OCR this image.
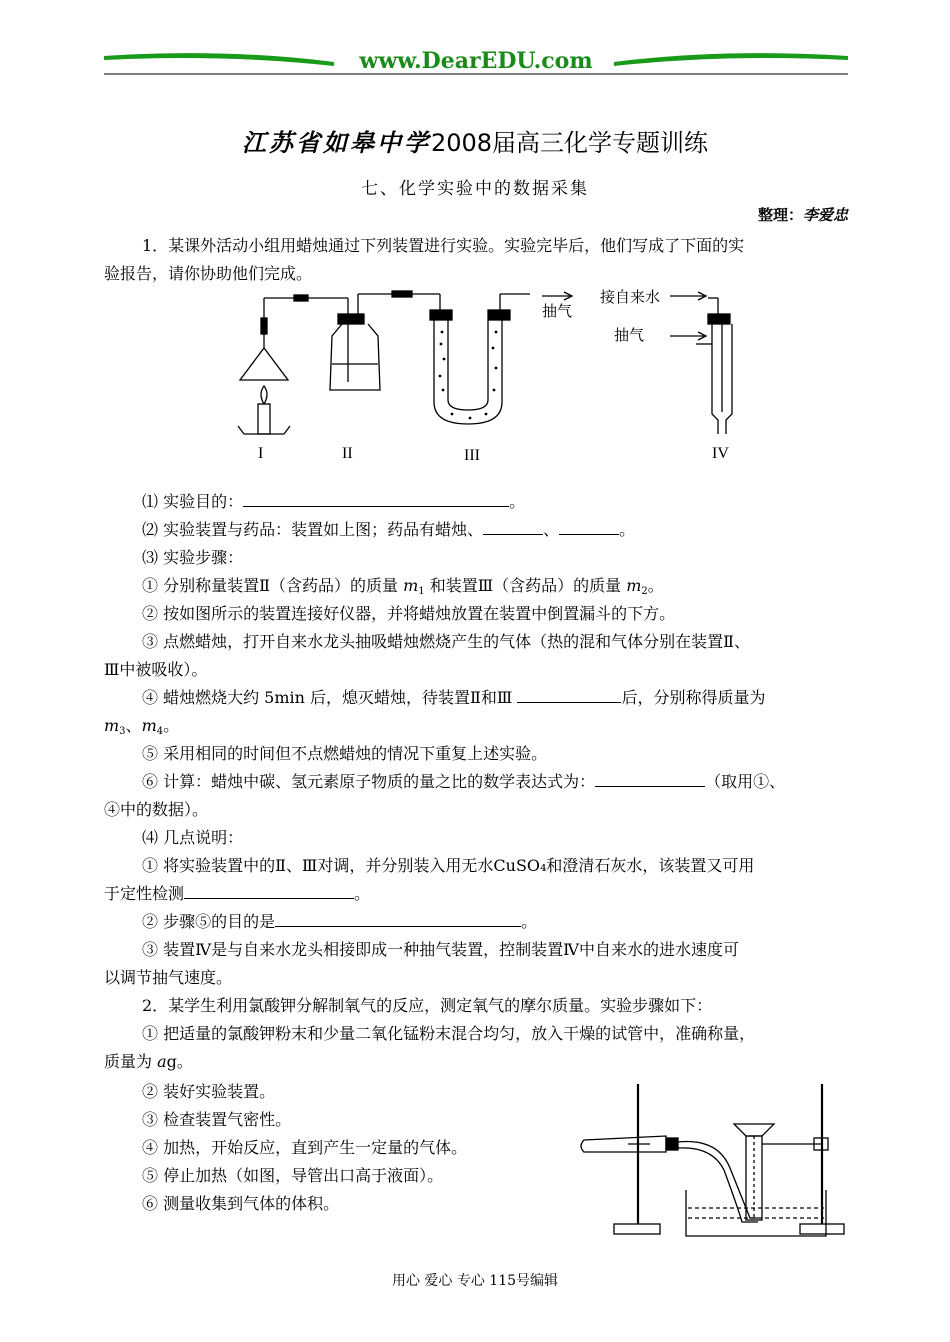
www.DearEDU.com
江苏省如皋中学2008届高三化学专题训练
七、化学实验中的数据采集
整理：李爱忠
1．某课外活动小组用蜡烛通过下列装置进行实验。实验完毕后，他们写成了下面的实
验报告，请你协助他们完成。
I	II	III	IV
抽气
接自来水
抽气
⑴ 实验目的：	。
⑵ 实验装置与药品：装置如上图；药品有蜡烛、	、	。
⑶ 实验步骤：
① 分别称量装置Ⅱ（含药品）的质量 $m_1$ 和装置Ⅲ（含药品）的质量 $m_2$。
② 按如图所示的装置连接好仪器，并将蜡烛放置在装置中倒置漏斗的下方。
③ 点燃蜡烛，打开自来水龙头抽吸蜡烛燃烧产生的气体（热的混和气体分别在装置Ⅱ、
Ⅲ中被吸收）。
④ 蜡烛燃烧大约 5min 后，熄灭蜡烛，待装置Ⅱ和Ⅲ	后，分别称得质量为
$m_3$、$m_4$。
⑤ 采用相同的时间但不点燃蜡烛的情况下重复上述实验。
⑥ 计算：蜡烛中碳、氢元素原子物质的量之比的数学表达式为：	（取用①、
④中的数据）。
⑷ 几点说明：
① 将实验装置中的Ⅱ、Ⅲ对调，并分别装入用无水CuSO₄和澄清石灰水，该装置又可用
于定性检测	。
② 步骤⑤的目的是	。
③ 装置Ⅳ是与自来水龙头相接即成一种抽气装置，控制装置Ⅳ中自来水的进水速度可
以调节抽气速度。
2．某学生利用氯酸钾分解制氧气的反应，测定氧气的摩尔质量。实验步骤如下：
① 把适量的氯酸钾粉末和少量二氧化锰粉末混合均匀，放入干燥的试管中，准确称量，
质量为 ag。
② 装好实验装置。
③ 检查装置气密性。
④ 加热，开始反应，直到产生一定量的气体。
⑤ 停止加热（如图，导管出口高于液面）。
⑥ 测量收集到气体的体积。
用心 爱心 专心 115号编辑
